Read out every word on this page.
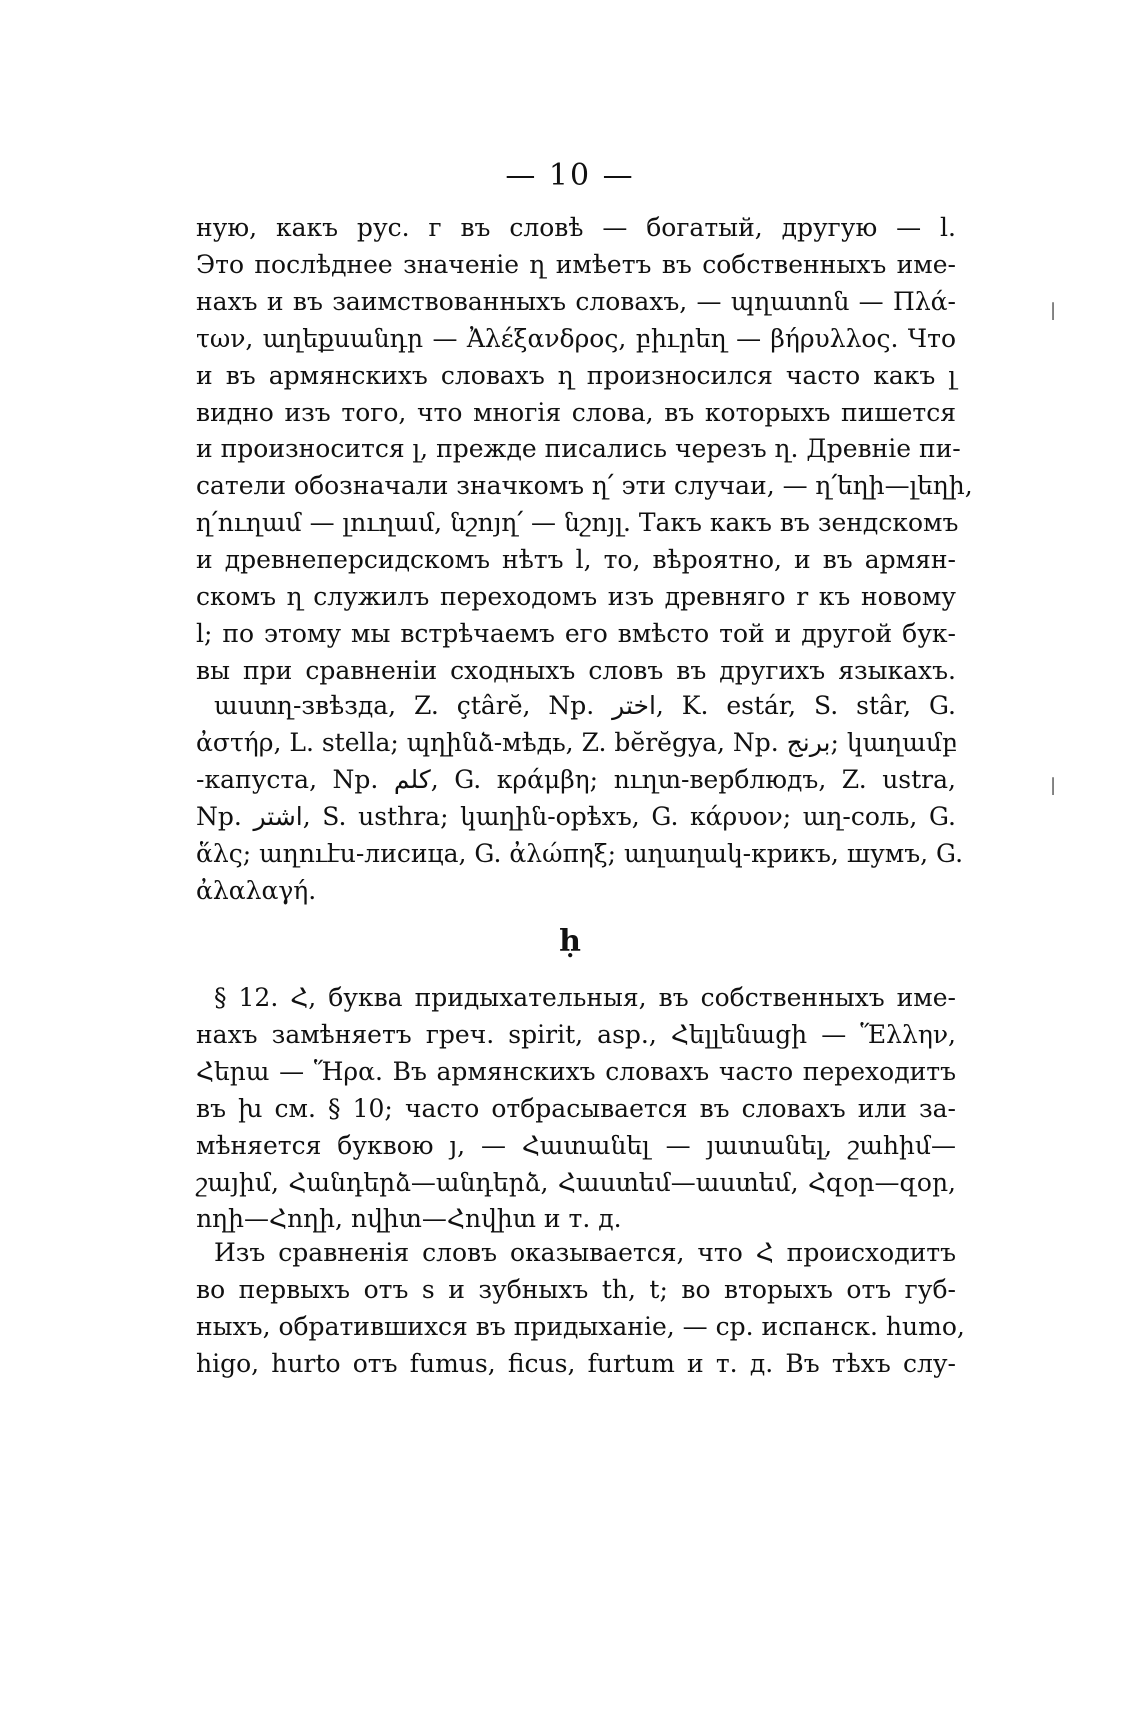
— 10 —
ную, какъ рус. г въ словѣ — богатый, другую — l.
Это послѣднее значеніе ղ имѣетъ въ собственныхъ име-
нахъ и въ заимствованныхъ словахъ, — պղատոն — Πλά-
των, աղեքսանդր — Ἀλέξανδρος, բիւրեղ — βήρυλλος. Что
и въ армянскихъ словахъ ղ произносился часто какъ լ
видно изъ того, что многія слова, въ которыхъ пишется
и произносится լ, прежде писались черезъ ղ. Древніе пи-
сатели обозначали значкомъ ղ՛ эти случаи, — ղ՛եղի—լեղի,
ղ՛ուղամ — լուղամ, նշոյղ՛ — նշոյլ. Такъ какъ въ зендскомъ
и древнеперсидскомъ нѣтъ l, то, вѣроятно, и въ армян-
скомъ ղ служилъ переходомъ изъ древняго r къ новому
l; по этому мы встрѣчаемъ его вмѣсто той и другой бук-
вы при сравненіи сходныхъ словъ въ другихъ языкахъ.
աստղ-звѣзда, Z. çtârĕ, Np. اختر, K. estár, S. stâr, G.
ἀστήρ, L. stella; պղինձ-мѣдь, Z. bĕrĕgya, Np. برنج; կաղամբ
-капуста, Np. کلم, G. κράμβη; ուղտ-верблюдъ, Z. ustra,
Np. اشتر, S. usthra; կաղին-орѣхъ, G. κάρυον; աղ-соль, G.
ἅλς; աղուէս-лисица, G. ἀλώπηξ; աղաղակ-крикъ, шумъ, G.
ἀλαλαγή.
ḥ
§ 12. Հ, буква придыхательныя, въ собственныхъ име-
нахъ замѣняетъ греч. spirit, asp., Հելլենացի — Ἕλλην,
Հերա — Ἥρα. Въ армянскихъ словахъ часто переходитъ
въ խ см. § 10; часто отбрасывается въ словахъ или за-
мѣняется буквою յ, — Հատանել — յատանել, շահիմ—
շայիմ, Հանդերձ—անդերձ, Հաստեմ—աստեմ, Հզօր—զօր,
ողի—Հողի, ովիտ—Հովիտ и т. д.
Изъ сравненія словъ оказывается, что Հ происходитъ
во первыхъ отъ s и зубныхъ th, t; во вторыхъ отъ губ-
ныхъ, обратившихся въ придыханіе, — ср. испанск. humo,
higo, hurto отъ fumus, ficus, furtum и т. д. Въ тѣхъ слу-
|
|
